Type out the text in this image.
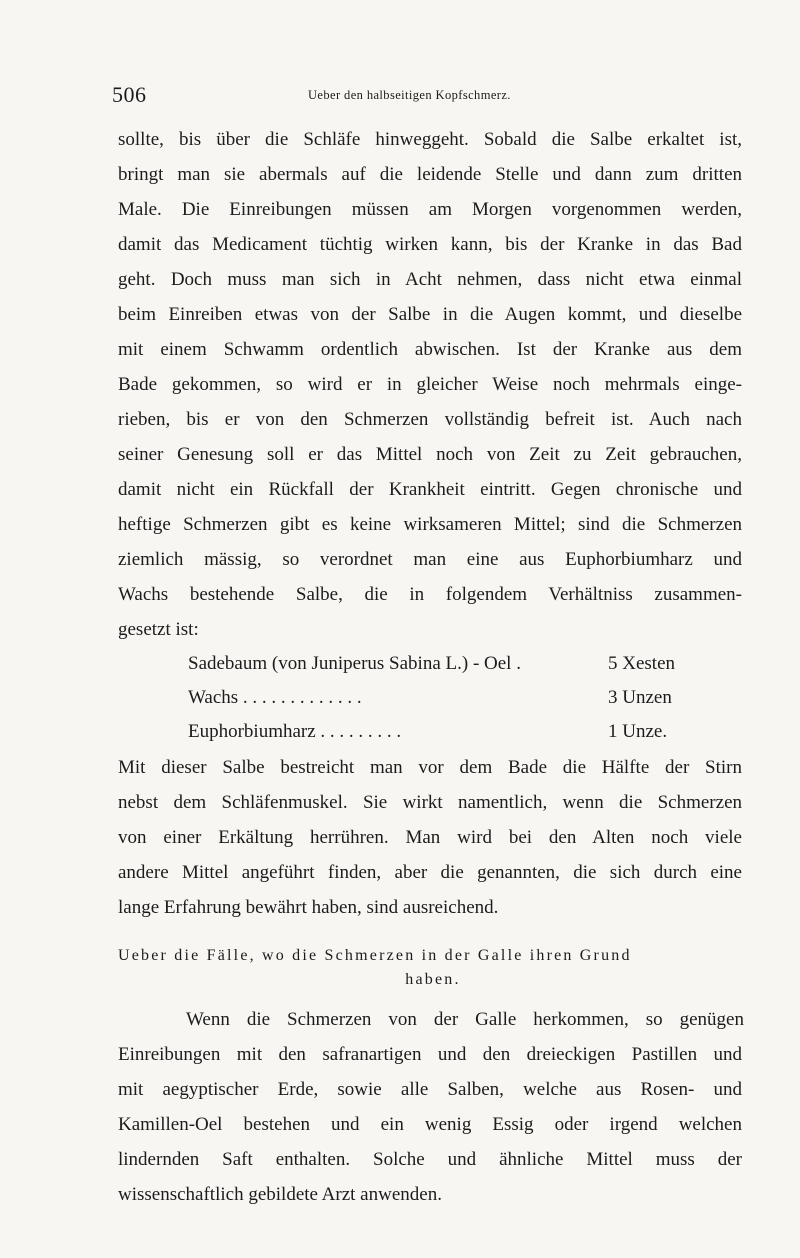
506	Ueber den halbseitigen Kopfschmerz.
sollte, bis über die Schläfe hinweggeht. Sobald die Salbe erkaltet ist,
bringt man sie abermals auf die leidende Stelle und dann zum dritten
Male. Die Einreibungen müssen am Morgen vorgenommen werden,
damit das Medicament tüchtig wirken kann, bis der Kranke in das Bad
geht. Doch muss man sich in Acht nehmen, dass nicht etwa einmal
beim Einreiben etwas von der Salbe in die Augen kommt, und dieselbe
mit einem Schwamm ordentlich abwischen. Ist der Kranke aus dem
Bade gekommen, so wird er in gleicher Weise noch mehrmals einge-
rieben, bis er von den Schmerzen vollständig befreit ist. Auch nach
seiner Genesung soll er das Mittel noch von Zeit zu Zeit gebrauchen,
damit nicht ein Rückfall der Krankheit eintritt. Gegen chronische und
heftige Schmerzen gibt es keine wirksameren Mittel; sind die Schmerzen
ziemlich mässig, so verordnet man eine aus Euphorbiumharz und
Wachs bestehende Salbe, die in folgendem Verhältniss zusammen-
gesetzt ist:
Sadebaum (von Juniperus Sabina L.) - Oel .	5 Xesten
Wachs . . . . . . . . . . . . .	3 Unzen
Euphorbiumharz . . . . . . . . .	1 Unze.
Mit dieser Salbe bestreicht man vor dem Bade die Hälfte der Stirn
nebst dem Schläfenmuskel. Sie wirkt namentlich, wenn die Schmerzen
von einer Erkältung herrühren. Man wird bei den Alten noch viele
andere Mittel angeführt finden, aber die genannten, die sich durch eine
lange Erfahrung bewährt haben, sind ausreichend.
Ueber die Fälle, wo die Schmerzen in der Galle ihren Grund
haben.
Wenn die Schmerzen von der Galle herkommen, so genügen
Einreibungen mit den safranartigen und den dreieckigen Pastillen und
mit aegyptischer Erde, sowie alle Salben, welche aus Rosen- und
Kamillen-Oel bestehen und ein wenig Essig oder irgend welchen
lindernden Saft enthalten. Solche und ähnliche Mittel muss der
wissenschaftlich gebildete Arzt anwenden.
